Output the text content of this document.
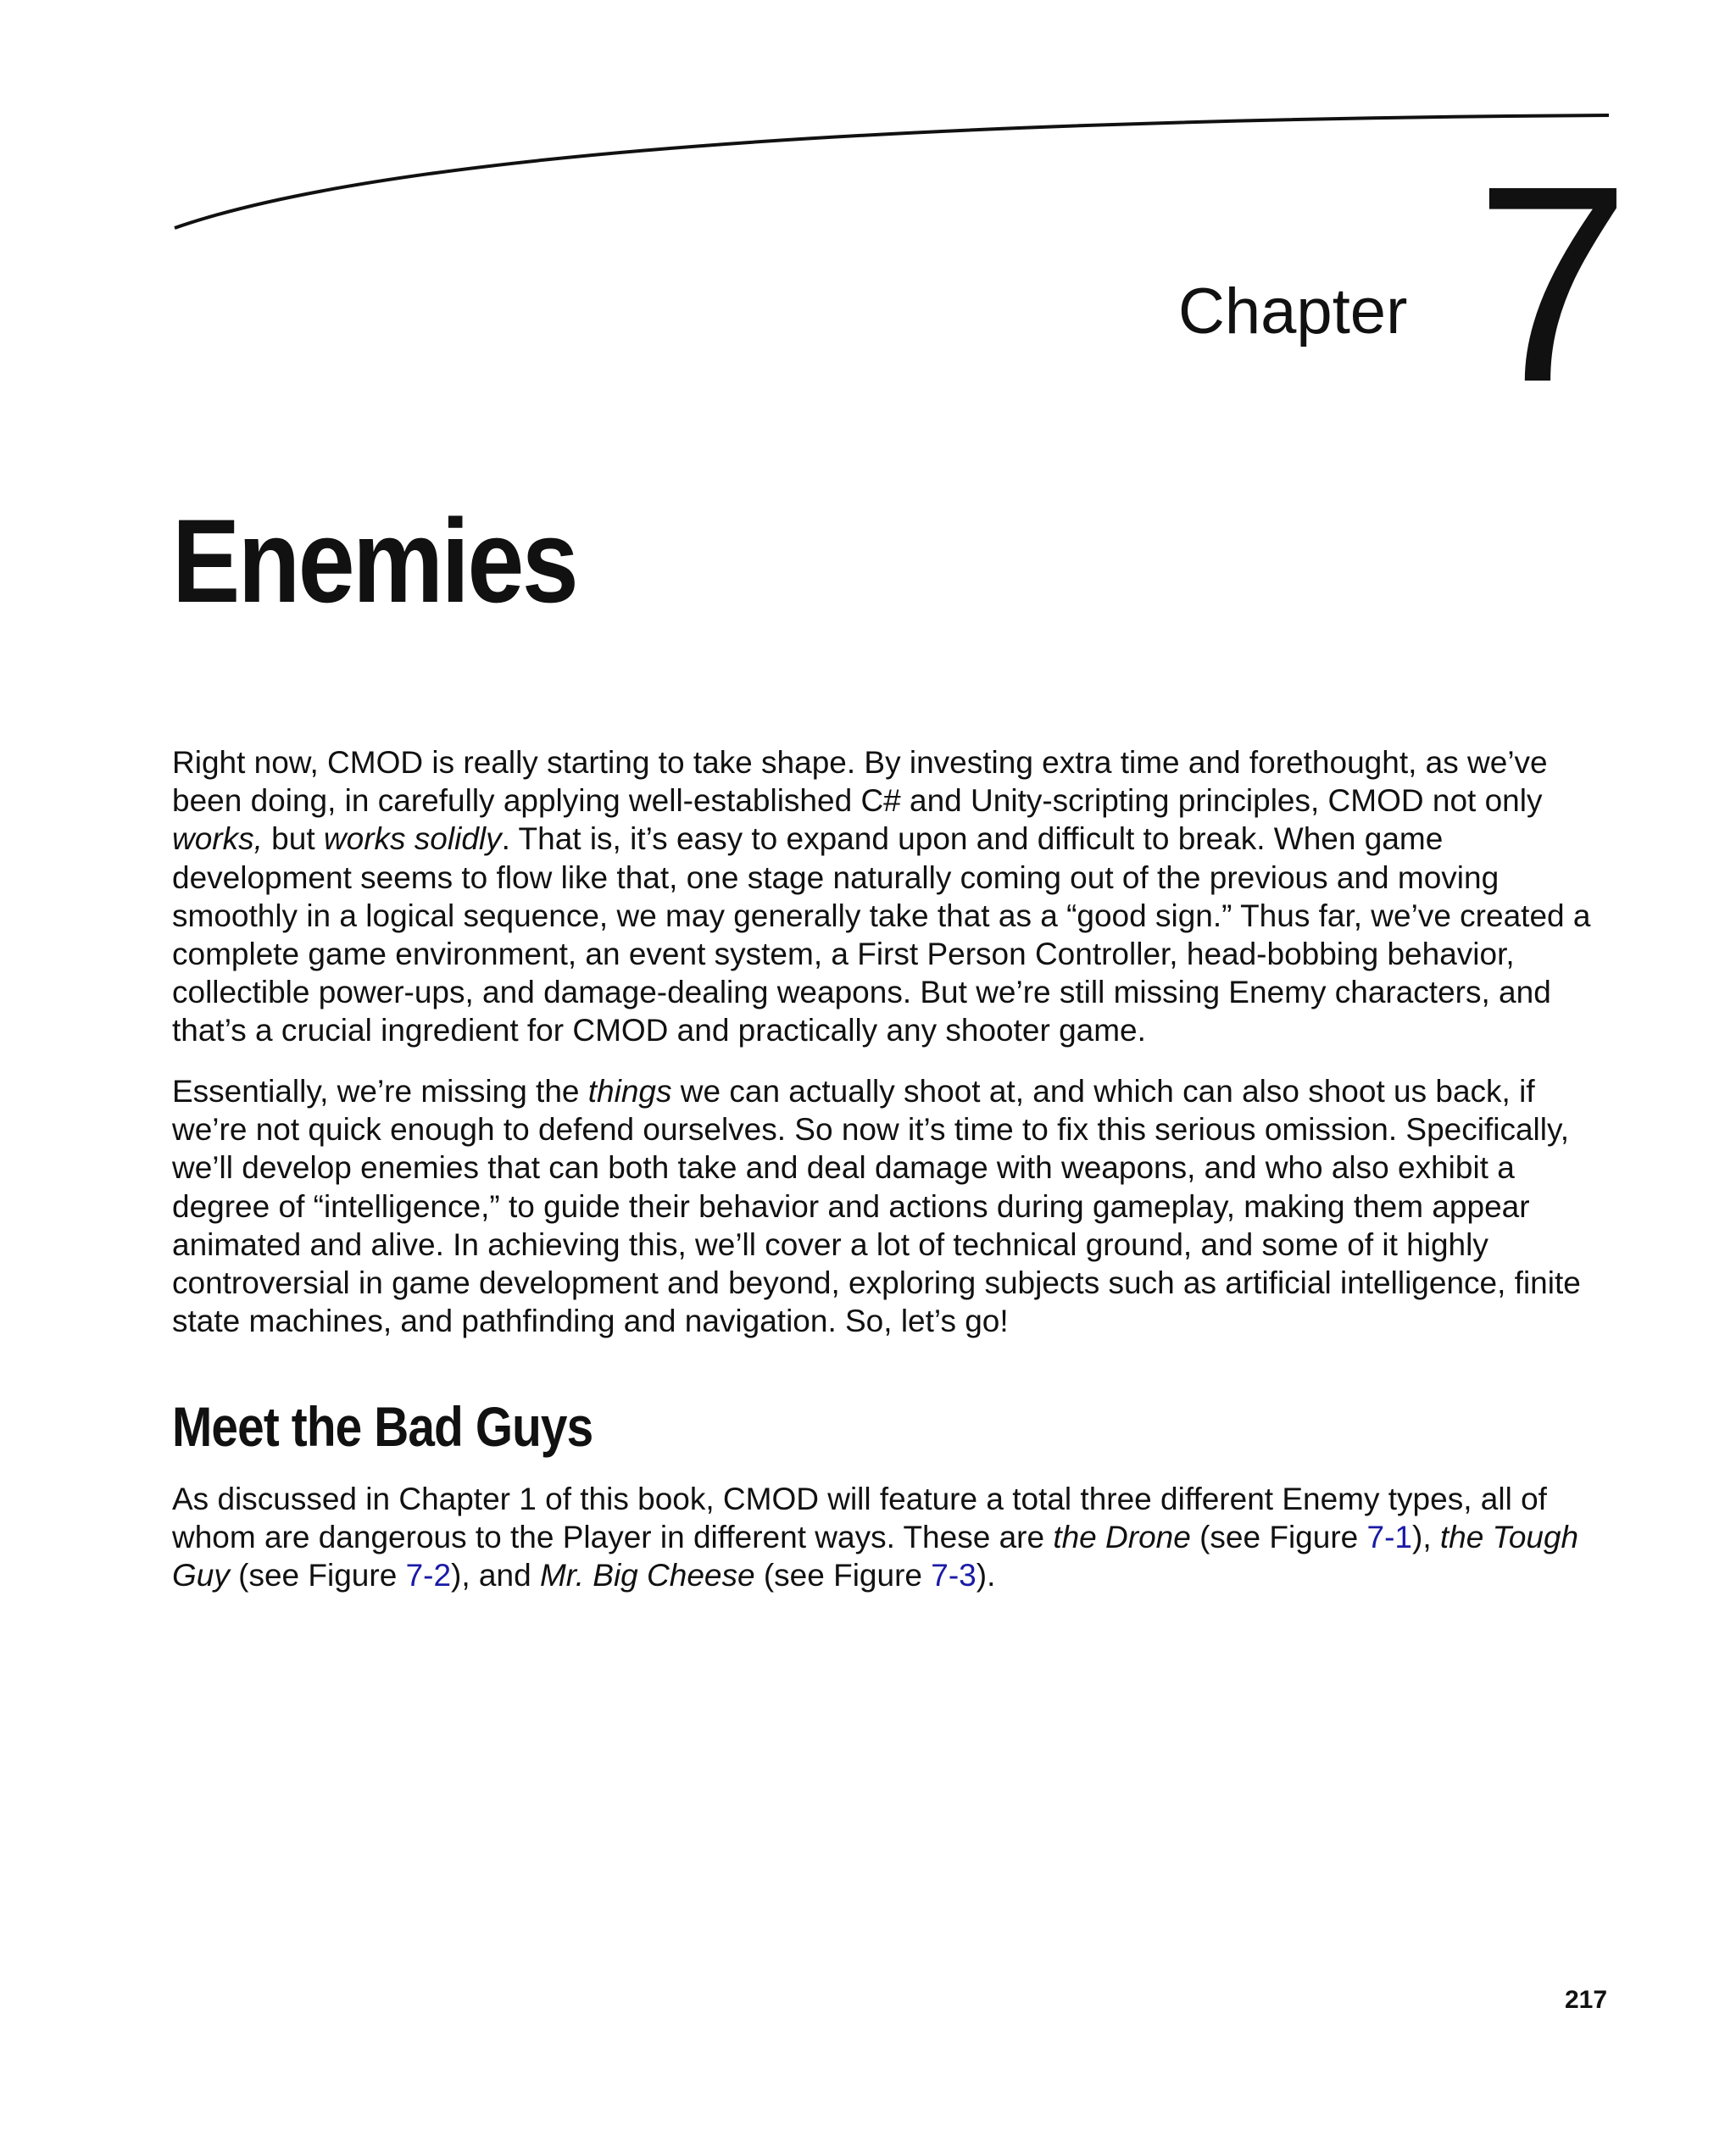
Chapter 7
Enemies

Right now, CMOD is really starting to take shape. By investing extra time and forethought, as we’ve been doing, in carefully applying well-established C# and Unity-scripting principles, CMOD not only works, but works solidly. That is, it’s easy to expand upon and difficult to break. When game development seems to flow like that, one stage naturally coming out of the previous and moving smoothly in a logical sequence, we may generally take that as a “good sign.” Thus far, we’ve created a complete game environment, an event system, a First Person Controller, head-bobbing behavior, collectible power-ups, and damage-dealing weapons. But we’re still missing Enemy characters, and that’s a crucial ingredient for CMOD and practically any shooter game.

Essentially, we’re missing the things we can actually shoot at, and which can also shoot us back, if we’re not quick enough to defend ourselves. So now it’s time to fix this serious omission. Specifically, we’ll develop enemies that can both take and deal damage with weapons, and who also exhibit a degree of “intelligence,” to guide their behavior and actions during gameplay, making them appear animated and alive. In achieving this, we’ll cover a lot of technical ground, and some of it highly controversial in game development and beyond, exploring subjects such as artificial intelligence, finite state machines, and pathfinding and navigation. So, let’s go!

Meet the Bad Guys

As discussed in Chapter 1 of this book, CMOD will feature a total three different Enemy types, all of whom are dangerous to the Player in different ways. These are the Drone (see Figure 7-1), the Tough Guy (see Figure 7-2), and Mr. Big Cheese (see Figure 7-3).

217
